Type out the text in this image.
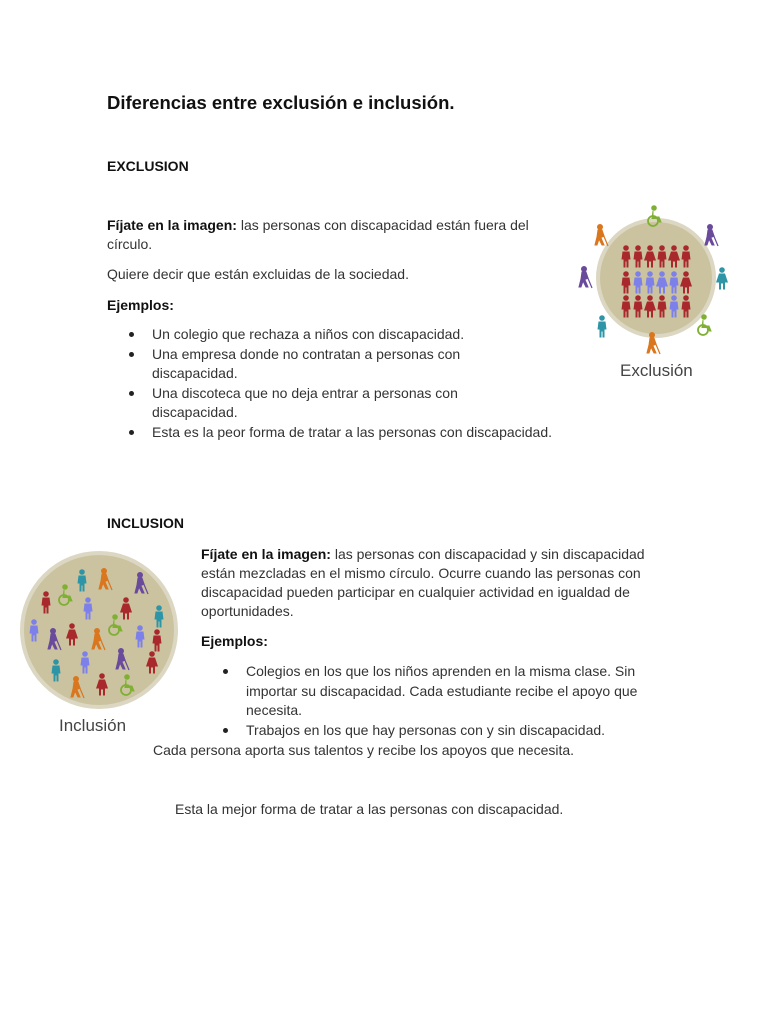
Diferencias entre exclusión e inclusión.
EXCLUSION
Fíjate en la imagen: las personas con discapacidad están fuera del círculo.
Quiere decir que están excluidas de la sociedad.
Ejemplos:
Un colegio que rechaza a niños con discapacidad.
Una empresa donde no contratan a personas con discapacidad.
Una discoteca que no deja entrar a personas con discapacidad.
Esta es la peor forma de tratar a las personas con discapacidad.
Exclusión
INCLUSION
Fíjate en la imagen: las personas con discapacidad y sin discapacidad están mezcladas en el mismo círculo. Ocurre cuando las personas con discapacidad pueden participar en cualquier actividad en igualdad de oportunidades.
Ejemplos:
Colegios en los que los niños aprenden en la misma clase. Sin importar su discapacidad. Cada estudiante recibe el apoyo que necesita.
Trabajos en los que hay personas con y sin discapacidad.
Cada persona aporta sus talentos y recibe los apoyos que necesita.
Esta la mejor forma de tratar a las personas con discapacidad.
Inclusión
